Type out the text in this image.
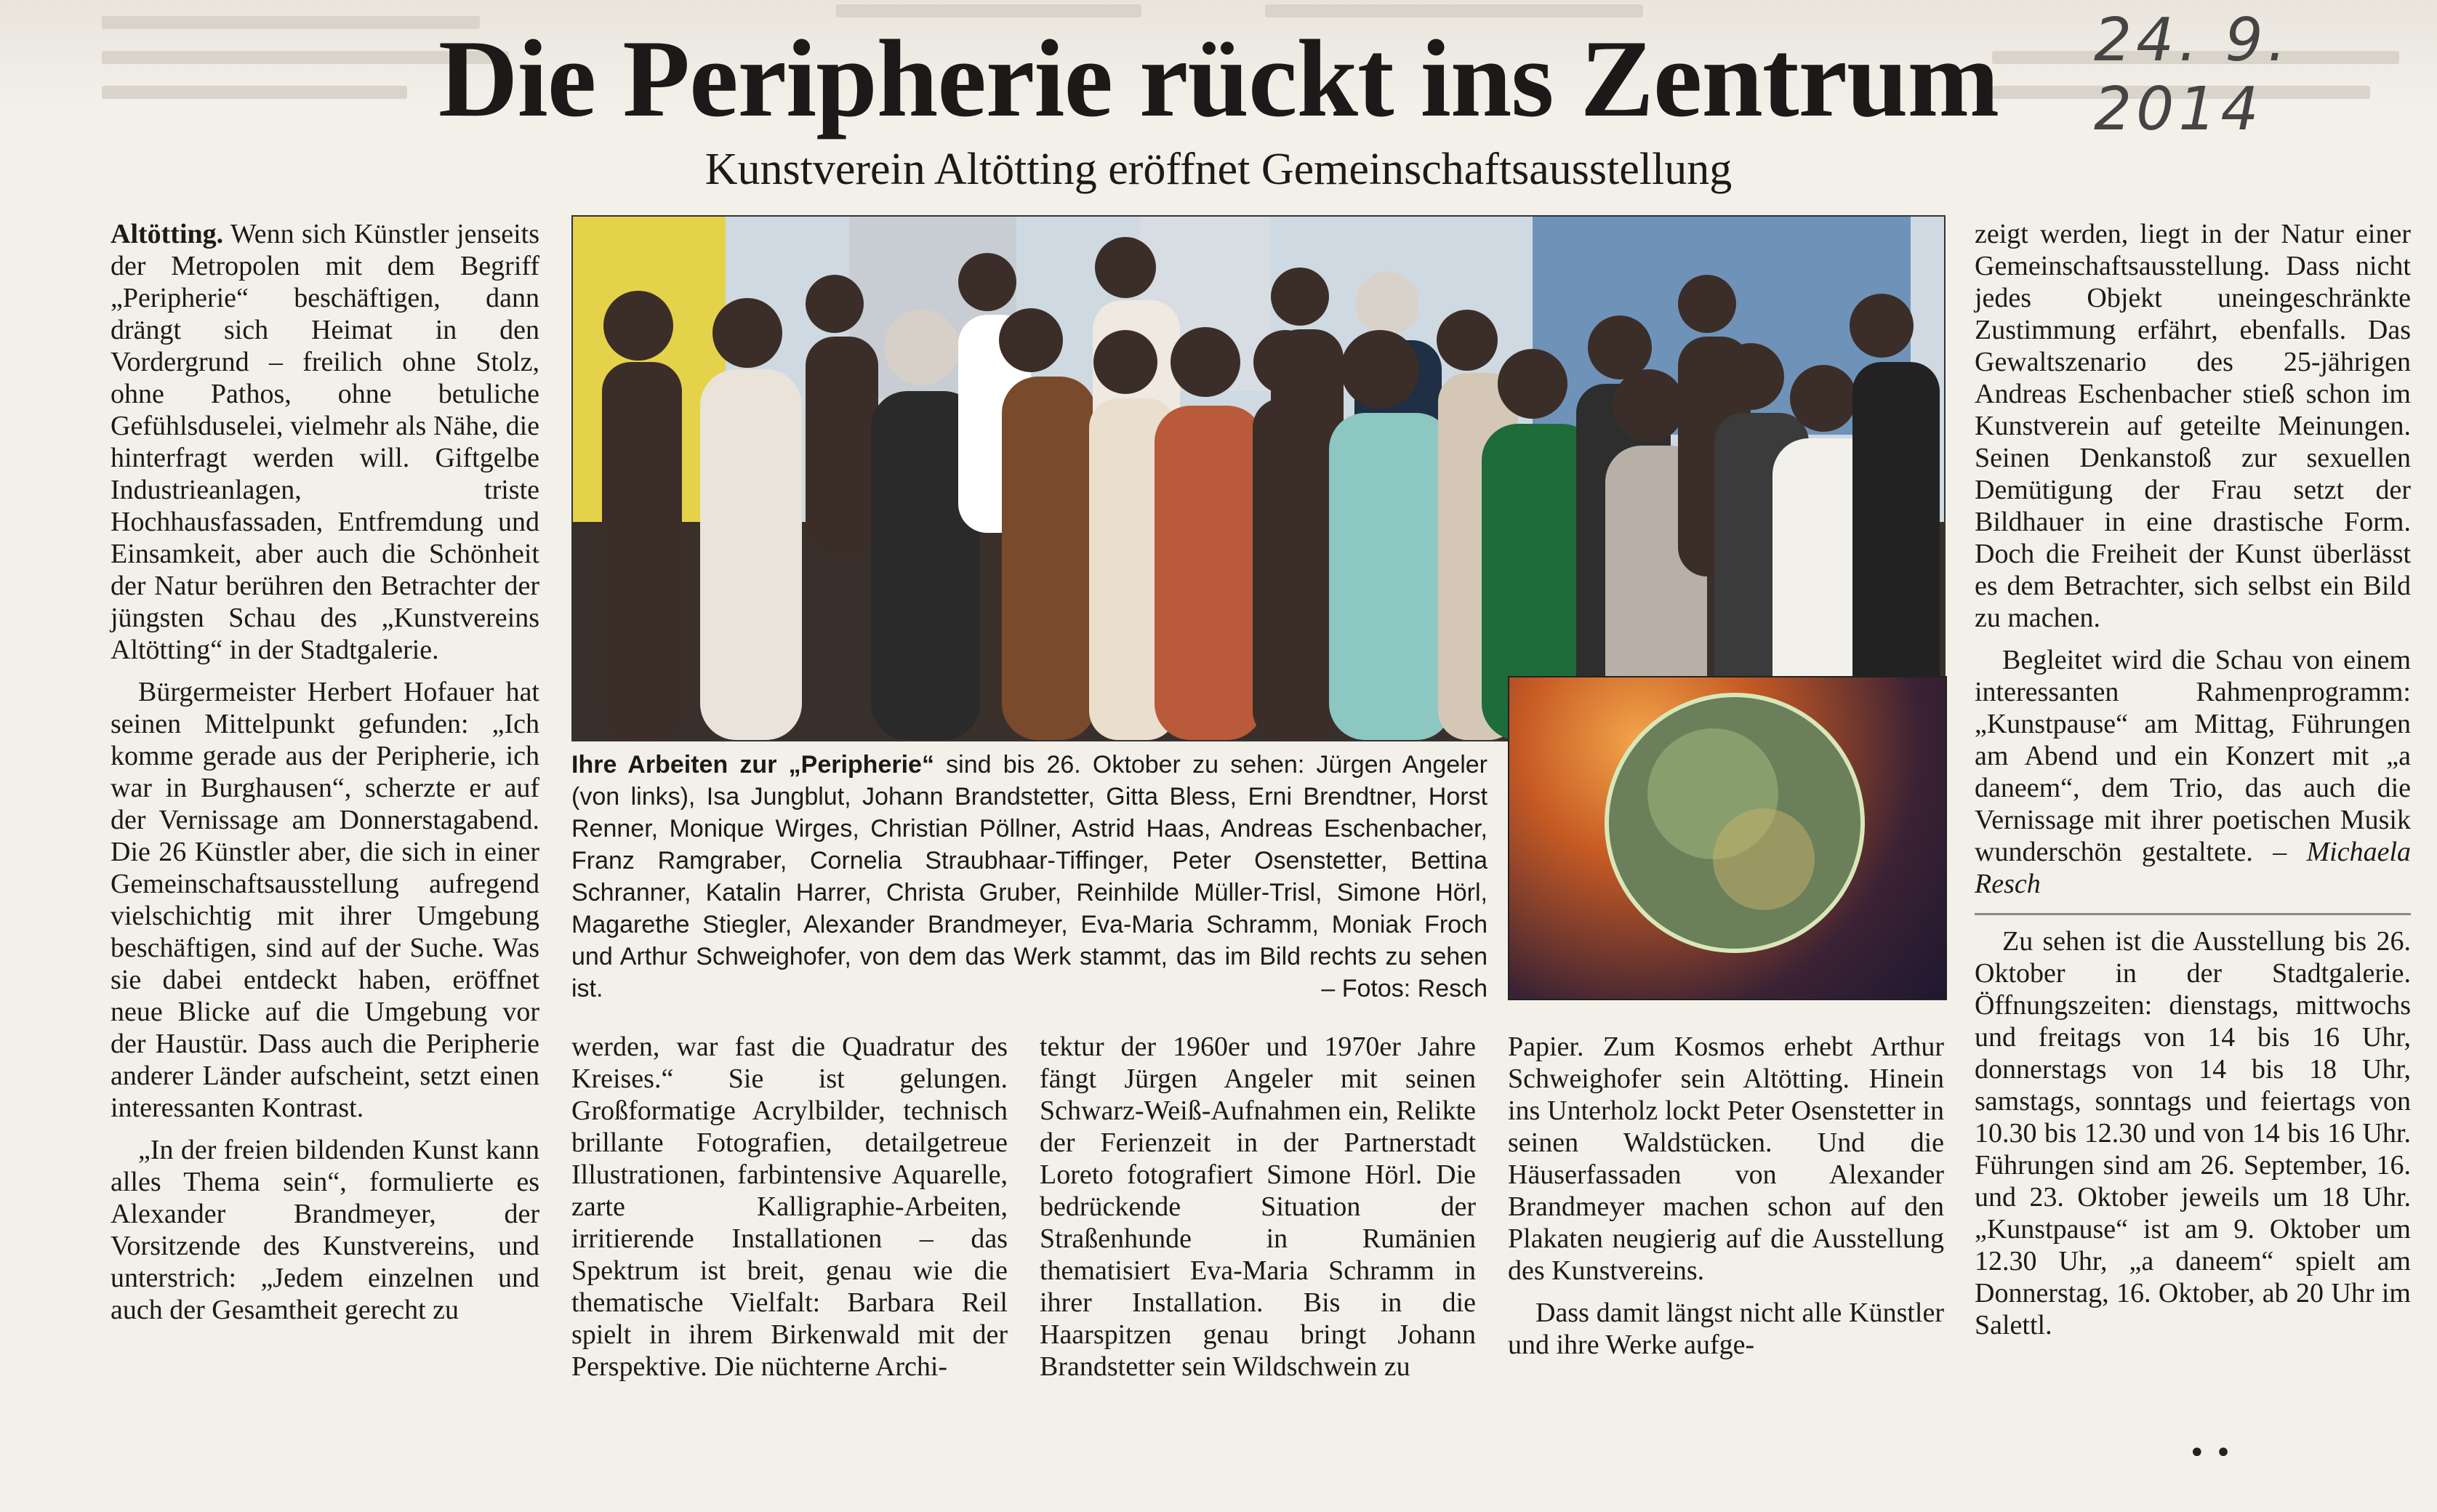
24. 9. 2014
Die Peripherie rückt ins Zentrum
Kunstverein Altötting eröffnet Gemeinschaftsausstellung

Altötting. Wenn sich Künstler jenseits der Metropolen mit dem Begriff „Peripherie“ beschäftigen, dann drängt sich Heimat in den Vordergrund – freilich ohne Stolz, ohne Pathos, ohne betuliche Gefühlsduselei, vielmehr als Nähe, die hinterfragt werden will. Giftgelbe Industrieanlagen, triste Hochhausfassaden, Entfremdung und Einsamkeit, aber auch die Schönheit der Natur berühren den Betrachter der jüngsten Schau des „Kunstvereins Altötting“ in der Stadtgalerie.

Bürgermeister Herbert Hofauer hat seinen Mittelpunkt gefunden: „Ich komme gerade aus der Peripherie, ich war in Burghausen“, scherzte er auf der Vernissage am Donnerstagabend. Die 26 Künstler aber, die sich in einer Gemeinschaftsausstellung aufregend vielschichtig mit ihrer Umgebung beschäftigen, sind auf der Suche. Was sie dabei entdeckt haben, eröffnet neue Blicke auf die Umgebung vor der Haustür. Dass auch die Peripherie anderer Länder aufscheint, setzt einen interessanten Kontrast.

„In der freien bildenden Kunst kann alles Thema sein“, formulierte es Alexander Brandmeyer, der Vorsitzende des Kunstvereins, und unterstrich: „Jedem einzelnen und auch der Gesamtheit gerecht zu

Ihre Arbeiten zur „Peripherie“ sind bis 26. Oktober zu sehen: Jürgen Angeler (von links), Isa Jungblut, Johann Brandstetter, Gitta Bless, Erni Brendtner, Horst Renner, Monique Wirges, Christian Pöllner, Astrid Haas, Andreas Eschenbacher, Franz Ramgraber, Cornelia Straubhaar-Tiffinger, Peter Osenstetter, Bettina Schranner, Katalin Harrer, Christa Gruber, Reinhilde Müller-Trisl, Simone Hörl, Magarethe Stiegler, Alexander Brandmeyer, Eva-Maria Schramm, Moniak Froch und Arthur Schweighofer, von dem das Werk stammt, das im Bild rechts zu sehen ist.	– Fotos: Resch

werden, war fast die Quadratur des Kreises.“ Sie ist gelungen. Großformatige Acrylbilder, technisch brillante Fotografien, detailgetreue Illustrationen, farbintensive Aquarelle, zarte Kalligraphie-Arbeiten, irritierende Installationen – das Spektrum ist breit, genau wie die thematische Vielfalt: Barbara Reil spielt in ihrem Birkenwald mit der Perspektive. Die nüchterne Archi-

tektur der 1960er und 1970er Jahre fängt Jürgen Angeler mit seinen Schwarz-Weiß-Aufnahmen ein, Relikte der Ferienzeit in der Partnerstadt Loreto fotografiert Simone Hörl. Die bedrückende Situation der Straßenhunde in Rumänien thematisiert Eva-Maria Schramm in ihrer Installation. Bis in die Haarspitzen genau bringt Johann Brandstetter sein Wildschwein zu

Papier. Zum Kosmos erhebt Arthur Schweighofer sein Altötting. Hinein ins Unterholz lockt Peter Osenstetter in seinen Waldstücken. Und die Häuserfassaden von Alexander Brandmeyer machen schon auf den Plakaten neugierig auf die Ausstellung des Kunstvereins.

Dass damit längst nicht alle Künstler und ihre Werke aufge-

zeigt werden, liegt in der Natur einer Gemeinschaftsausstellung. Dass nicht jedes Objekt uneingeschränkte Zustimmung erfährt, ebenfalls. Das Gewaltszenario des 25-jährigen Andreas Eschenbacher stieß schon im Kunstverein auf geteilte Meinungen. Seinen Denkanstoß zur sexuellen Demütigung der Frau setzt der Bildhauer in eine drastische Form. Doch die Freiheit der Kunst überlässt es dem Betrachter, sich selbst ein Bild zu machen.

Begleitet wird die Schau von einem interessanten Rahmenprogramm: „Kunstpause“ am Mittag, Führungen am Abend und ein Konzert mit „a daneem“, dem Trio, das auch die Vernissage mit ihrer poetischen Musik wunderschön gestaltete. – Michaela Resch

Zu sehen ist die Ausstellung bis 26. Oktober in der Stadtgalerie. Öffnungszeiten: dienstags, mittwochs und freitags von 14 bis 16 Uhr, donnerstags von 14 bis 18 Uhr, samstags, sonntags und feiertags von 10.30 bis 12.30 und von 14 bis 16 Uhr. Führungen sind am 26. September, 16. und 23. Oktober jeweils um 18 Uhr. „Kunstpause“ ist am 9. Oktober um 12.30 Uhr, „a daneem“ spielt am Donnerstag, 16. Oktober, ab 20 Uhr im Salettl.

• •
